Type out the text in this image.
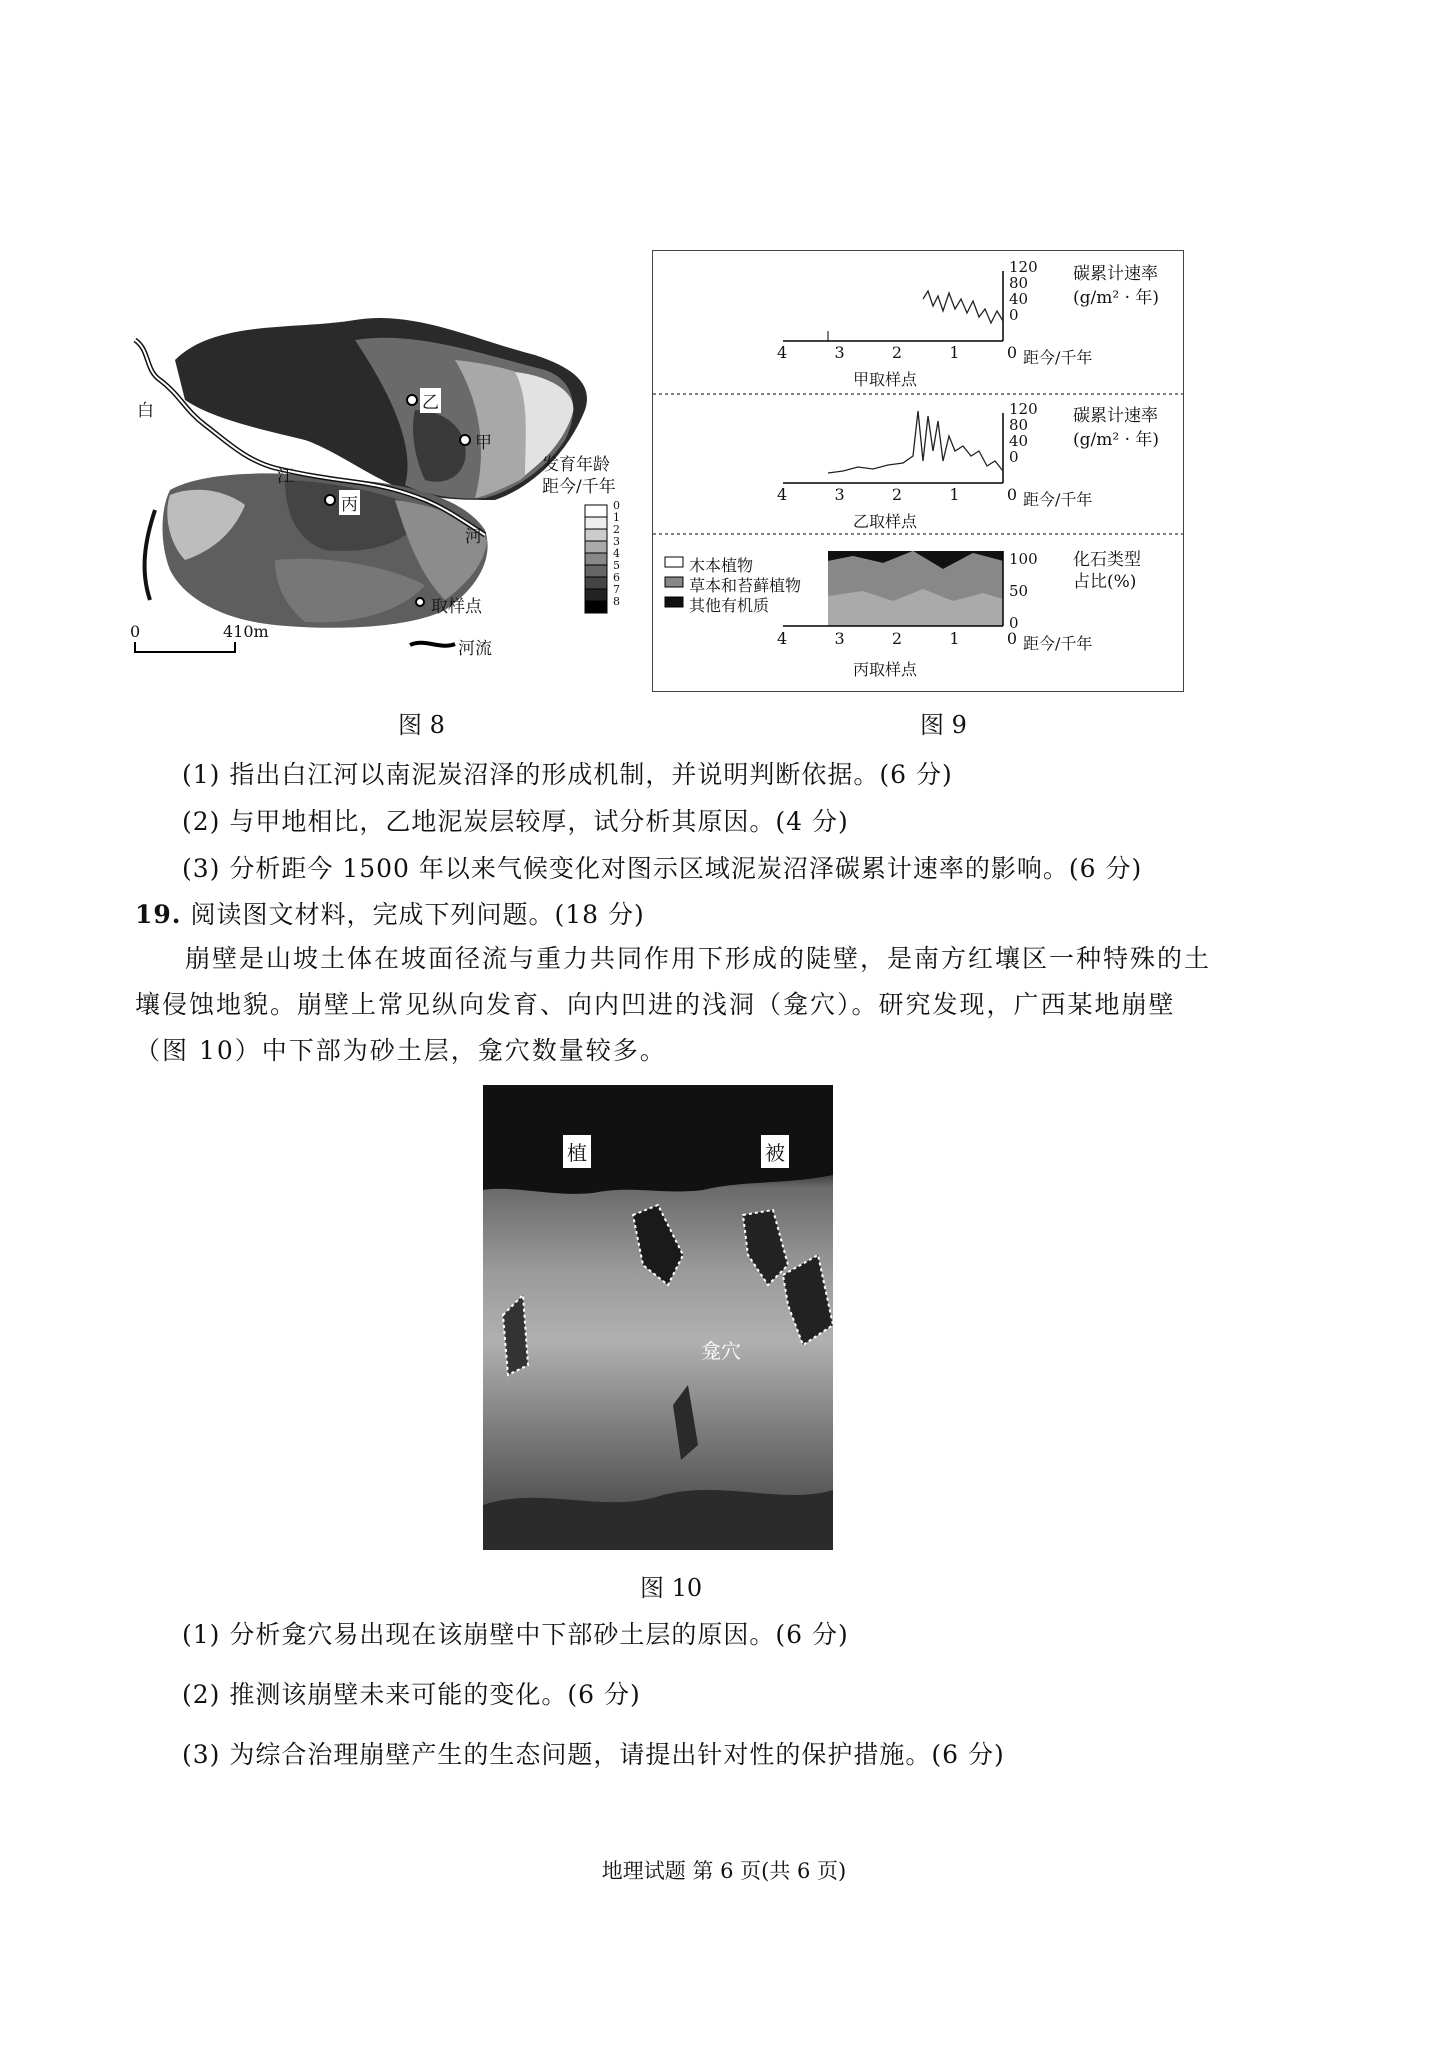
白
江
河
乙
甲
丙
发育年龄
距今/千年
0
1
2
3
4
5
6
7
8
取样点
河流
0	410m
图 8
120
80
40
0
碳累计速率
(g/m² · 年)
4	3	2	1	0 距今/千年
甲取样点
120
80
40
0
碳累计速率
(g/m² · 年)
4	3	2	1	0 距今/千年
乙取样点
木本植物
草本和苔藓植物
其他有机质
100
50
0
化石类型
占比(%)
4	3	2	1	0 距今/千年
丙取样点
图 9
(1) 指出白江河以南泥炭沼泽的形成机制，并说明判断依据。(6 分)
(2) 与甲地相比，乙地泥炭层较厚，试分析其原因。(4 分)
(3) 分析距今 1500 年以来气候变化对图示区域泥炭沼泽碳累计速率的影响。(6 分)
19. 阅读图文材料，完成下列问题。(18 分)
崩壁是山坡土体在坡面径流与重力共同作用下形成的陡壁，是南方红壤区一种特殊的土
壤侵蚀地貌。崩壁上常见纵向发育、向内凹进的浅洞（龛穴）。研究发现，广西某地崩壁
（图 10）中下部为砂土层，龛穴数量较多。
植	被
龛穴
图 10
(1) 分析龛穴易出现在该崩壁中下部砂土层的原因。(6 分)
(2) 推测该崩壁未来可能的变化。(6 分)
(3) 为综合治理崩壁产生的生态问题，请提出针对性的保护措施。(6 分)
地理试题 第 6 页(共 6 页)
